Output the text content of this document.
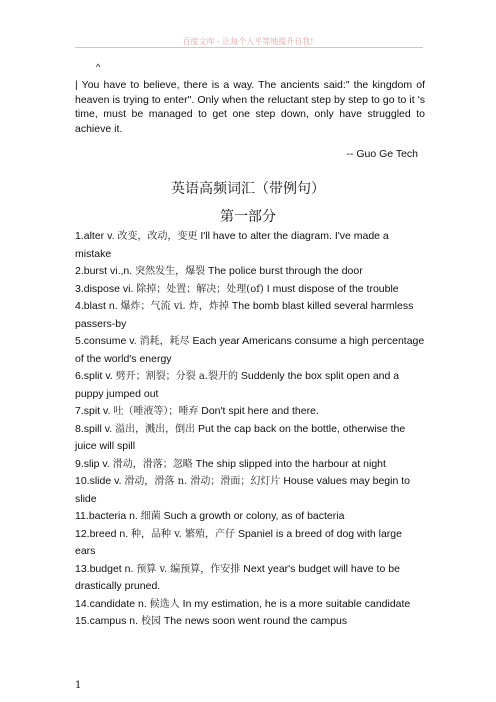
百度文库 - 让每个人平等地提升自我!
^
| You have to believe, there is a way. The ancients said:" the kingdom of heaven is trying to enter". Only when the reluctant step by step to go to it 's time, must be managed to get one step down, only have struggled to achieve it.
-- Guo Ge Tech
英语高频词汇（带例句）
第一部分

1.alter v. 改变，改动，变更 I'll have to alter the diagram. I've made a mistake

2.burst vi.,n. 突然发生，爆裂 The police burst through the door

3.dispose vi. 除掉；处置；解决；处理(of) I must dispose of the trouble

4.blast n. 爆炸；气流 vi. 炸，炸掉 The bomb blast killed several harmless passers-by

5.consume v. 消耗，耗尽 Each year Americans consume a high percentage of the world's energy

6.split v. 劈开；割裂；分裂 a.裂开的 Suddenly the box split open and a puppy jumped out

7.spit v. 吐（唾液等）；唾弃 Don't spit here and there.

8.spill v. 溢出，溅出，倒出 Put the cap back on the bottle, otherwise the juice will spill

9.slip v. 滑动，滑落；忽略 The ship slipped into the harbour at night

10.slide v. 滑动，滑落 n. 滑动；滑面；幻灯片 House values may begin to slide

11.bacteria n. 细菌 Such a growth or colony, as of bacteria

12.breed n. 种，品种 v. 繁殖，产仔 Spaniel is a breed of dog with large ears

13.budget n. 预算 v. 编预算，作安排 Next year's budget will have to be drastically pruned.

14.candidate n. 候选人 In my estimation, he is a more suitable candidate

15.campus n. 校园 The news soon went round the campus

1
